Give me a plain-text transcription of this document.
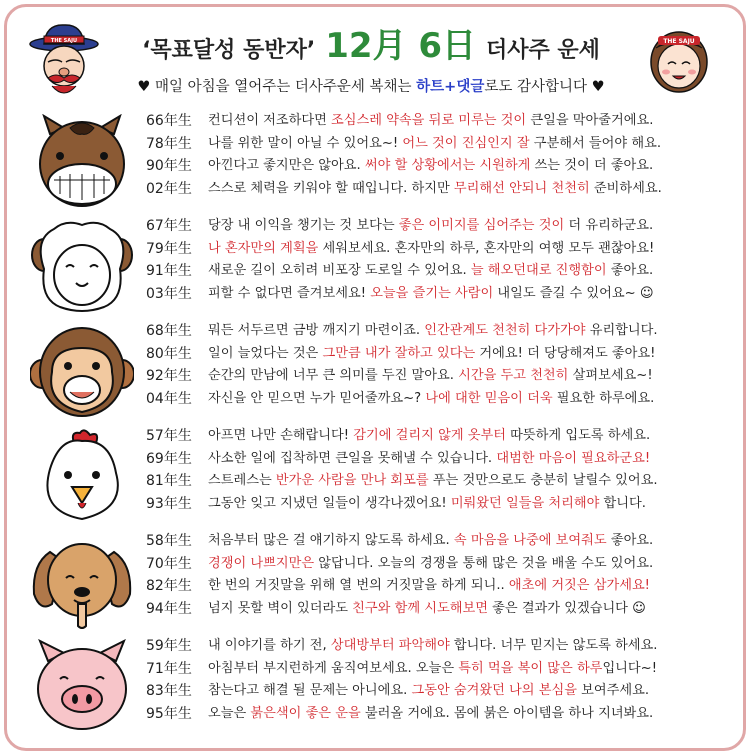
THE SAJU	THE SAJU
‘목표달성 동반자’ 12月 6日 더사주 운세
♥ 매일 아침을 열어주는 더사주운세 복채는 하트+댓글로도 감사합니다 ♥
66年生	컨디션이 저조하다면 조심스레 약속을 뒤로 미루는 것이 큰일을 막아줄거에요.
78年生	나를 위한 말이 아닐 수 있어요~! 어느 것이 진심인지 잘 구분해서 들어야 해요.
90年生	아낀다고 좋지만은 않아요. 써야 할 상황에서는 시원하게 쓰는 것이 더 좋아요.
02年生	스스로 체력을 키워야 할 때입니다. 하지만 무리해선 안되니 천천히 준비하세요.
67年生	당장 내 이익을 챙기는 것 보다는 좋은 이미지를 심어주는 것이 더 유리하군요.
79年生	나 혼자만의 계획을 세워보세요. 혼자만의 하루, 혼자만의 여행 모두 괜찮아요!
91年生	새로운 길이 오히려 비포장 도로일 수 있어요. 늘 해오던대로 진행함이 좋아요.
03年生	피할 수 없다면 즐겨보세요! 오늘을 즐기는 사람이 내일도 즐길 수 있어요~ ☺
68年生	뭐든 서두르면 금방 깨지기 마련이죠. 인간관계도 천천히 다가가야 유리합니다.
80年生	일이 늘었다는 것은 그만큼 내가 잘하고 있다는 거에요! 더 당당해져도 좋아요!
92年生	순간의 만남에 너무 큰 의미를 두진 말아요. 시간을 두고 천천히 살펴보세요~!
04年生	자신을 안 믿으면 누가 믿어줄까요~? 나에 대한 믿음이 더욱 필요한 하루에요.
57年生	아프면 나만 손해랍니다! 감기에 걸리지 않게 옷부터 따뜻하게 입도록 하세요.
69年生	사소한 일에 집착하면 큰일을 못해낼 수 있습니다. 대범한 마음이 필요하군요!
81年生	스트레스는 반가운 사람을 만나 회포를 푸는 것만으로도 충분히 날릴수 있어요.
93年生	그동안 잊고 지냈던 일들이 생각나겠어요! 미뤄왔던 일들을 처리해야 합니다.
58年生	처음부터 많은 걸 얘기하지 않도록 하세요. 속 마음을 나중에 보여줘도 좋아요.
70年生	경쟁이 나쁘지만은 않답니다. 오늘의 경쟁을 통해 많은 것을 배울 수도 있어요.
82年生	한 번의 거짓말을 위해 열 번의 거짓말을 하게 되니.. 애초에 거짓은 삼가세요!
94年生	넘지 못할 벽이 있더라도 친구와 함께 시도해보면 좋은 결과가 있겠습니다 ☺
59年生	내 이야기를 하기 전, 상대방부터 파악해야 합니다. 너무 믿지는 않도록 하세요.
71年生	아침부터 부지런하게 움직여보세요. 오늘은 특히 먹을 복이 많은 하루입니다~!
83年生	참는다고 해결 될 문제는 아니에요. 그동안 숨겨왔던 나의 본심을 보여주세요.
95年生	오늘은 붉은색이 좋은 운을 불러올 거에요. 몸에 붉은 아이템을 하나 지녀봐요.
